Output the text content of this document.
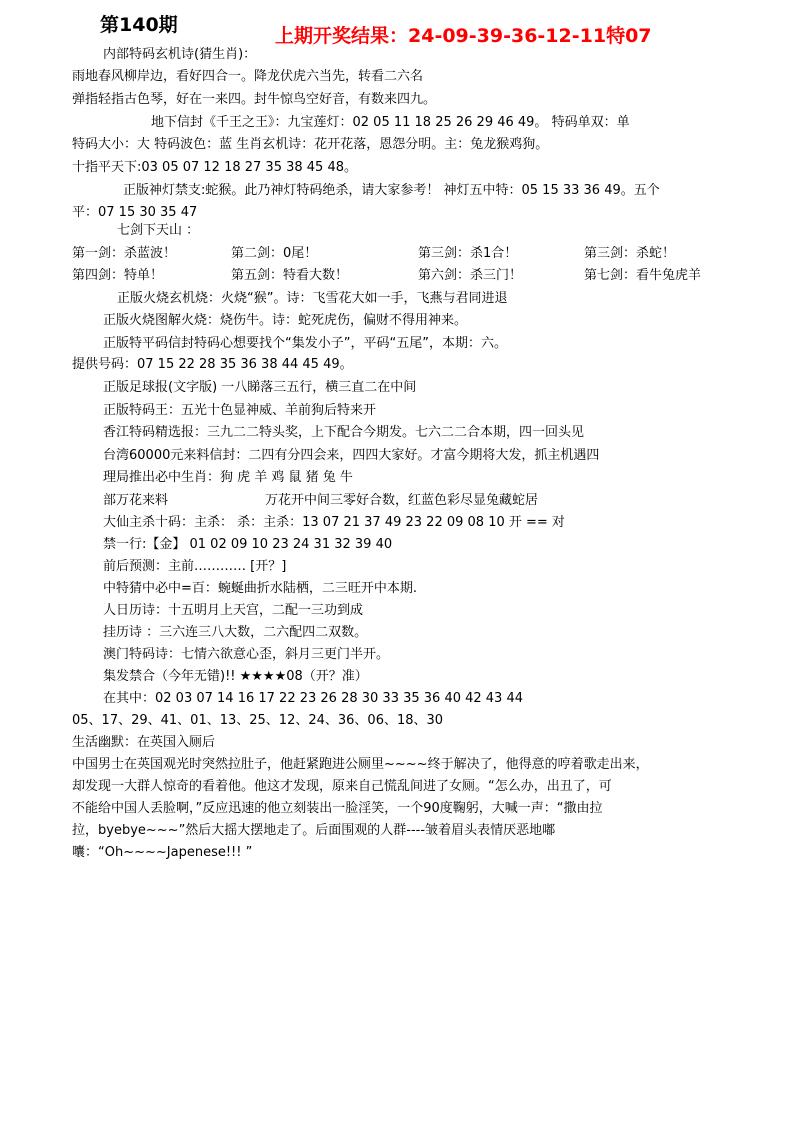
第140期	上期开奖结果：24-09-39-36-12-11特07
内部特码玄机诗(猜生肖)：
雨地春风柳岸边，看好四合一。降龙伏虎六当先，转看二六名
弹指轻指古色琴，好在一来四。封牛惊鸟空好音，有数来四九。
地下信封《千王之王》：九宝莲灯：02 05 11 18 25 26 29 46 49。 特码单双：单
特码大小：大 特码波色：蓝 生肖玄机诗：花开花落，恩怨分明。主：兔龙猴鸡狗。
十指平天下:03 05 07 12 18 27 35 38 45 48。
正版神灯禁支:蛇猴。此乃神灯特码绝杀，请大家参考！ 神灯五中特：05 15 33 36 49。五个
平：07 15 30 35 47
七剑下天山 ：
第一剑：杀蓝波！	第二剑：0尾！	第三剑：杀1合！	第三剑：杀蛇！
第四剑：特单！	第五剑：特看大数！	第六剑：杀三门！	第七剑：看牛兔虎羊
正版火烧玄机烧：火烧“猴”。诗：飞雪花大如一手，飞燕与君同进退
正版火烧图解火烧：烧伤牛。诗：蛇死虎伤，偏财不得用神来。
正版特平码信封特码心想要找个“集发小子”，平码“五尾”，本期：六。
提供号码：07 15 22 28 35 36 38 44 45 49。
正版足球报(文字版) 一八睇落三五行，横三直二在中间
正版特码王：五光十色显神威、羊前狗后特来开
香江特码精选报：三九二二特头奖，上下配合今期发。七六二二合本期，四一回头见
台湾60000元来料信封：二四有分四会来，四四大家好。才富今期将大发，抓主机遇四
理局推出必中生肖：狗 虎 羊 鸡 鼠 猪 兔 牛
部万花来料	万花开中间三零好合数，红蓝色彩尽显兔藏蛇居
大仙主杀十码：主杀： 杀：主杀：13 07 21 37 49 23 22 09 08 10 开 == 对
禁一行:【金】 01 02 09 10 23 24 31 32 39 40
前后预测：主前………… [开？]
中特猜中必中=百：蜿蜒曲折水陆栖，二三旺开中本期.
人日历诗：十五明月上天宫，二配一三功到成
挂历诗 ：三六连三八大数，二六配四二双数。
澳门特码诗：七情六欲意心歪，斜月三更门半开。
集发禁合（今年无错)!! ★★★★08（开？准）
在其中：02 03 07 14 16 17 22 23 26 28 30 33 35 36 40 42 43 44
05、17、29、41、01、13、25、12、24、36、06、18、30
生活幽默：在英国入厕后
中国男士在英国观光时突然拉肚子，他赶紧跑进公厕里~~~~终于解决了，他得意的哼着歌走出来，
却发现一大群人惊奇的看着他。他这才发现，原来自己慌乱间进了女厕。“怎么办，出丑了，可
不能给中国人丢脸啊，”反应迅速的他立刻装出一脸淫笑，一个90度鞠躬，大喊一声：“撒由拉
拉，byebye~~~”然后大摇大摆地走了。后面围观的人群----皱着眉头表情厌恶地嘟
囔：“Oh~~~~Japenese!!! ”
